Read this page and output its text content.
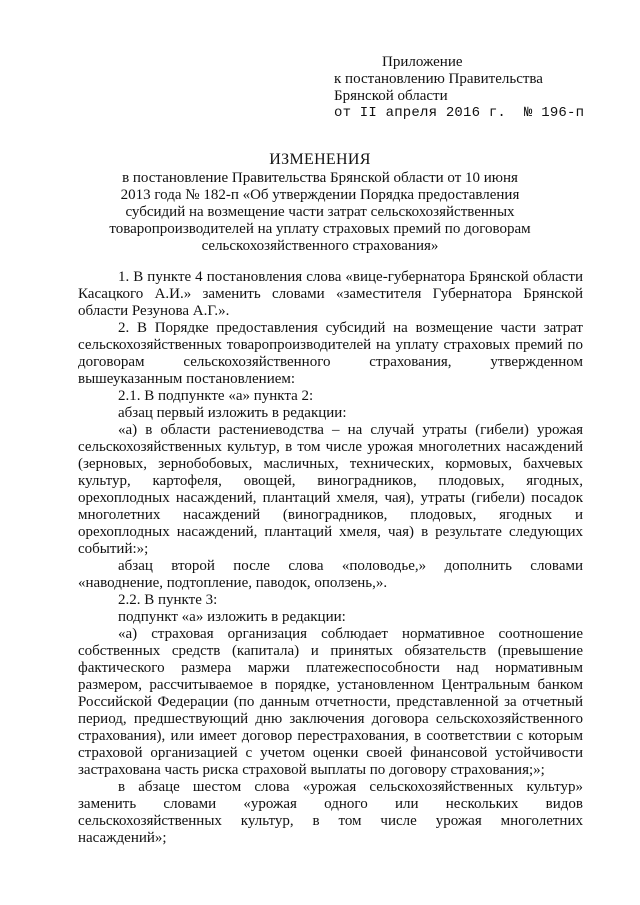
Приложение
к постановлению Правительства
Брянской области
от II апреля 2016 г. № 196-п
ИЗМЕНЕНИЯ
в постановление Правительства Брянской области от 10 июня
2013 года № 182-п «Об утверждении Порядка предоставления
субсидий на возмещение части затрат сельскохозяйственных
товаропроизводителей на уплату страховых премий по договорам
сельскохозяйственного страхования»

1. В пункте 4 постановления слова «вице-губернатора Брянской области Касацкого А.И.» заменить словами «заместителя Губернатора Брянской области Резунова А.Г.».

2. В Порядке предоставления субсидий на возмещение части затрат сельскохозяйственных товаропроизводителей на уплату страховых премий по договорам сельскохозяйственного страхования, утвержденном вышеуказанным постановлением:

2.1. В подпункте «а» пункта 2:

абзац первый изложить в редакции:

«а) в области растениеводства – на случай утраты (гибели) урожая сельскохозяйственных культур, в том числе урожая многолетних насаждений (зерновых, зернобобовых, масличных, технических, кормовых, бахчевых культур, картофеля, овощей, виноградников, плодовых, ягодных, орехоплодных насаждений, плантаций хмеля, чая), утраты (гибели) посадок многолетних насаждений (виноградников, плодовых, ягодных и орехоплодных насаждений, плантаций хмеля, чая) в результате следующих событий:»;

абзац второй после слова «половодье,» дополнить словами «наводнение, подтопление, паводок, оползень,».

2.2. В пункте 3:

подпункт «а» изложить в редакции:

«а) страховая организация соблюдает нормативное соотношение собственных средств (капитала) и принятых обязательств (превышение фактического размера маржи платежеспособности над нормативным размером, рассчитываемое в порядке, установленном Центральным банком Российской Федерации (по данным отчетности, представленной за отчетный период, предшествующий дню заключения договора сельскохозяйственного страхования), или имеет договор перестрахования, в соответствии с которым страховой организацией с учетом оценки своей финансовой устойчивости застрахована часть риска страховой выплаты по договору страхования;»;

в абзаце шестом слова «урожая сельскохозяйственных культур» заменить словами «урожая одного или нескольких видов сельскохозяйственных культур, в том числе урожая многолетних насаждений»;
